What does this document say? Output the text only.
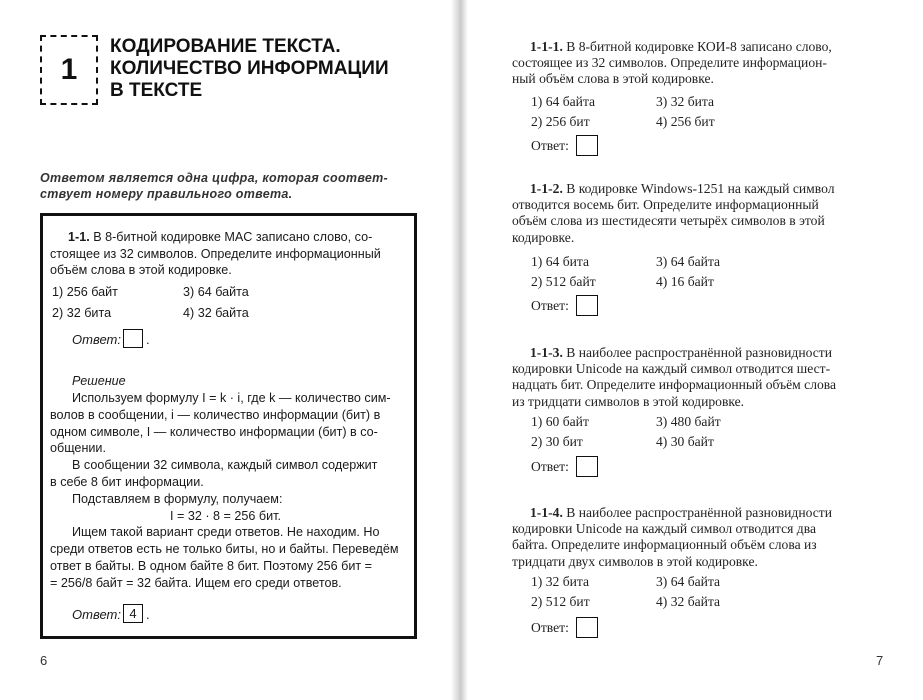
1
КОДИРОВАНИЕ ТЕКСТА.
КОЛИЧЕСТВО ИНФОРМАЦИИ
В ТЕКСТЕ
Ответом является одна цифра, которая соответ-
ствует номеру правильного ответа.
1-1. В 8-битной кодировке MAC записано слово, со-
стоящее из 32 символов. Определите информационный
объём слова в этой кодировке.
1) 256 байт	3) 64 байта
2) 32 бита	4) 32 байта
Ответ: .
Решение
Используем формулу I = k · i, где k — количество сим-
волов в сообщении, i — количество информации (бит) в
одном символе, I — количество информации (бит) в со-
общении.
В сообщении 32 символа, каждый символ содержит
в себе 8 бит информации.
Подставляем в формулу, получаем:
I = 32 · 8 = 256 бит.
Ищем такой вариант среди ответов. Не находим. Но
среди ответов есть не только биты, но и байты. Переведём
ответ в байты. В одном байте 8 бит. Поэтому 256 бит =
= 256/8 байт = 32 байта. Ищем его среди ответов.
Ответ: 4 .
6
1-1-1. В 8-битной кодировке КОИ-8 записано слово,
состоящее из 32 символов. Определите информацион-
ный объём слова в этой кодировке.
1) 64 байта	3) 32 бита
2) 256 бит	4) 256 бит
Ответ:
1-1-2. В кодировке Windows-1251 на каждый символ
отводится восемь бит. Определите информационный
объём слова из шестидесяти четырёх символов в этой
кодировке.
1) 64 бита	3) 64 байта
2) 512 байт	4) 16 байт
Ответ:
1-1-3. В наиболее распространённой разновидности
кодировки Unicode на каждый символ отводится шест-
надцать бит. Определите информационный объём слова
из тридцати символов в этой кодировке.
1) 60 байт	3) 480 байт
2) 30 бит	4) 30 байт
Ответ:
1-1-4. В наиболее распространённой разновидности
кодировки Unicode на каждый символ отводится два
байта. Определите информационный объём слова из
тридцати двух символов в этой кодировке.
1) 32 бита	3) 64 байта
2) 512 бит	4) 32 байта
Ответ:
7
